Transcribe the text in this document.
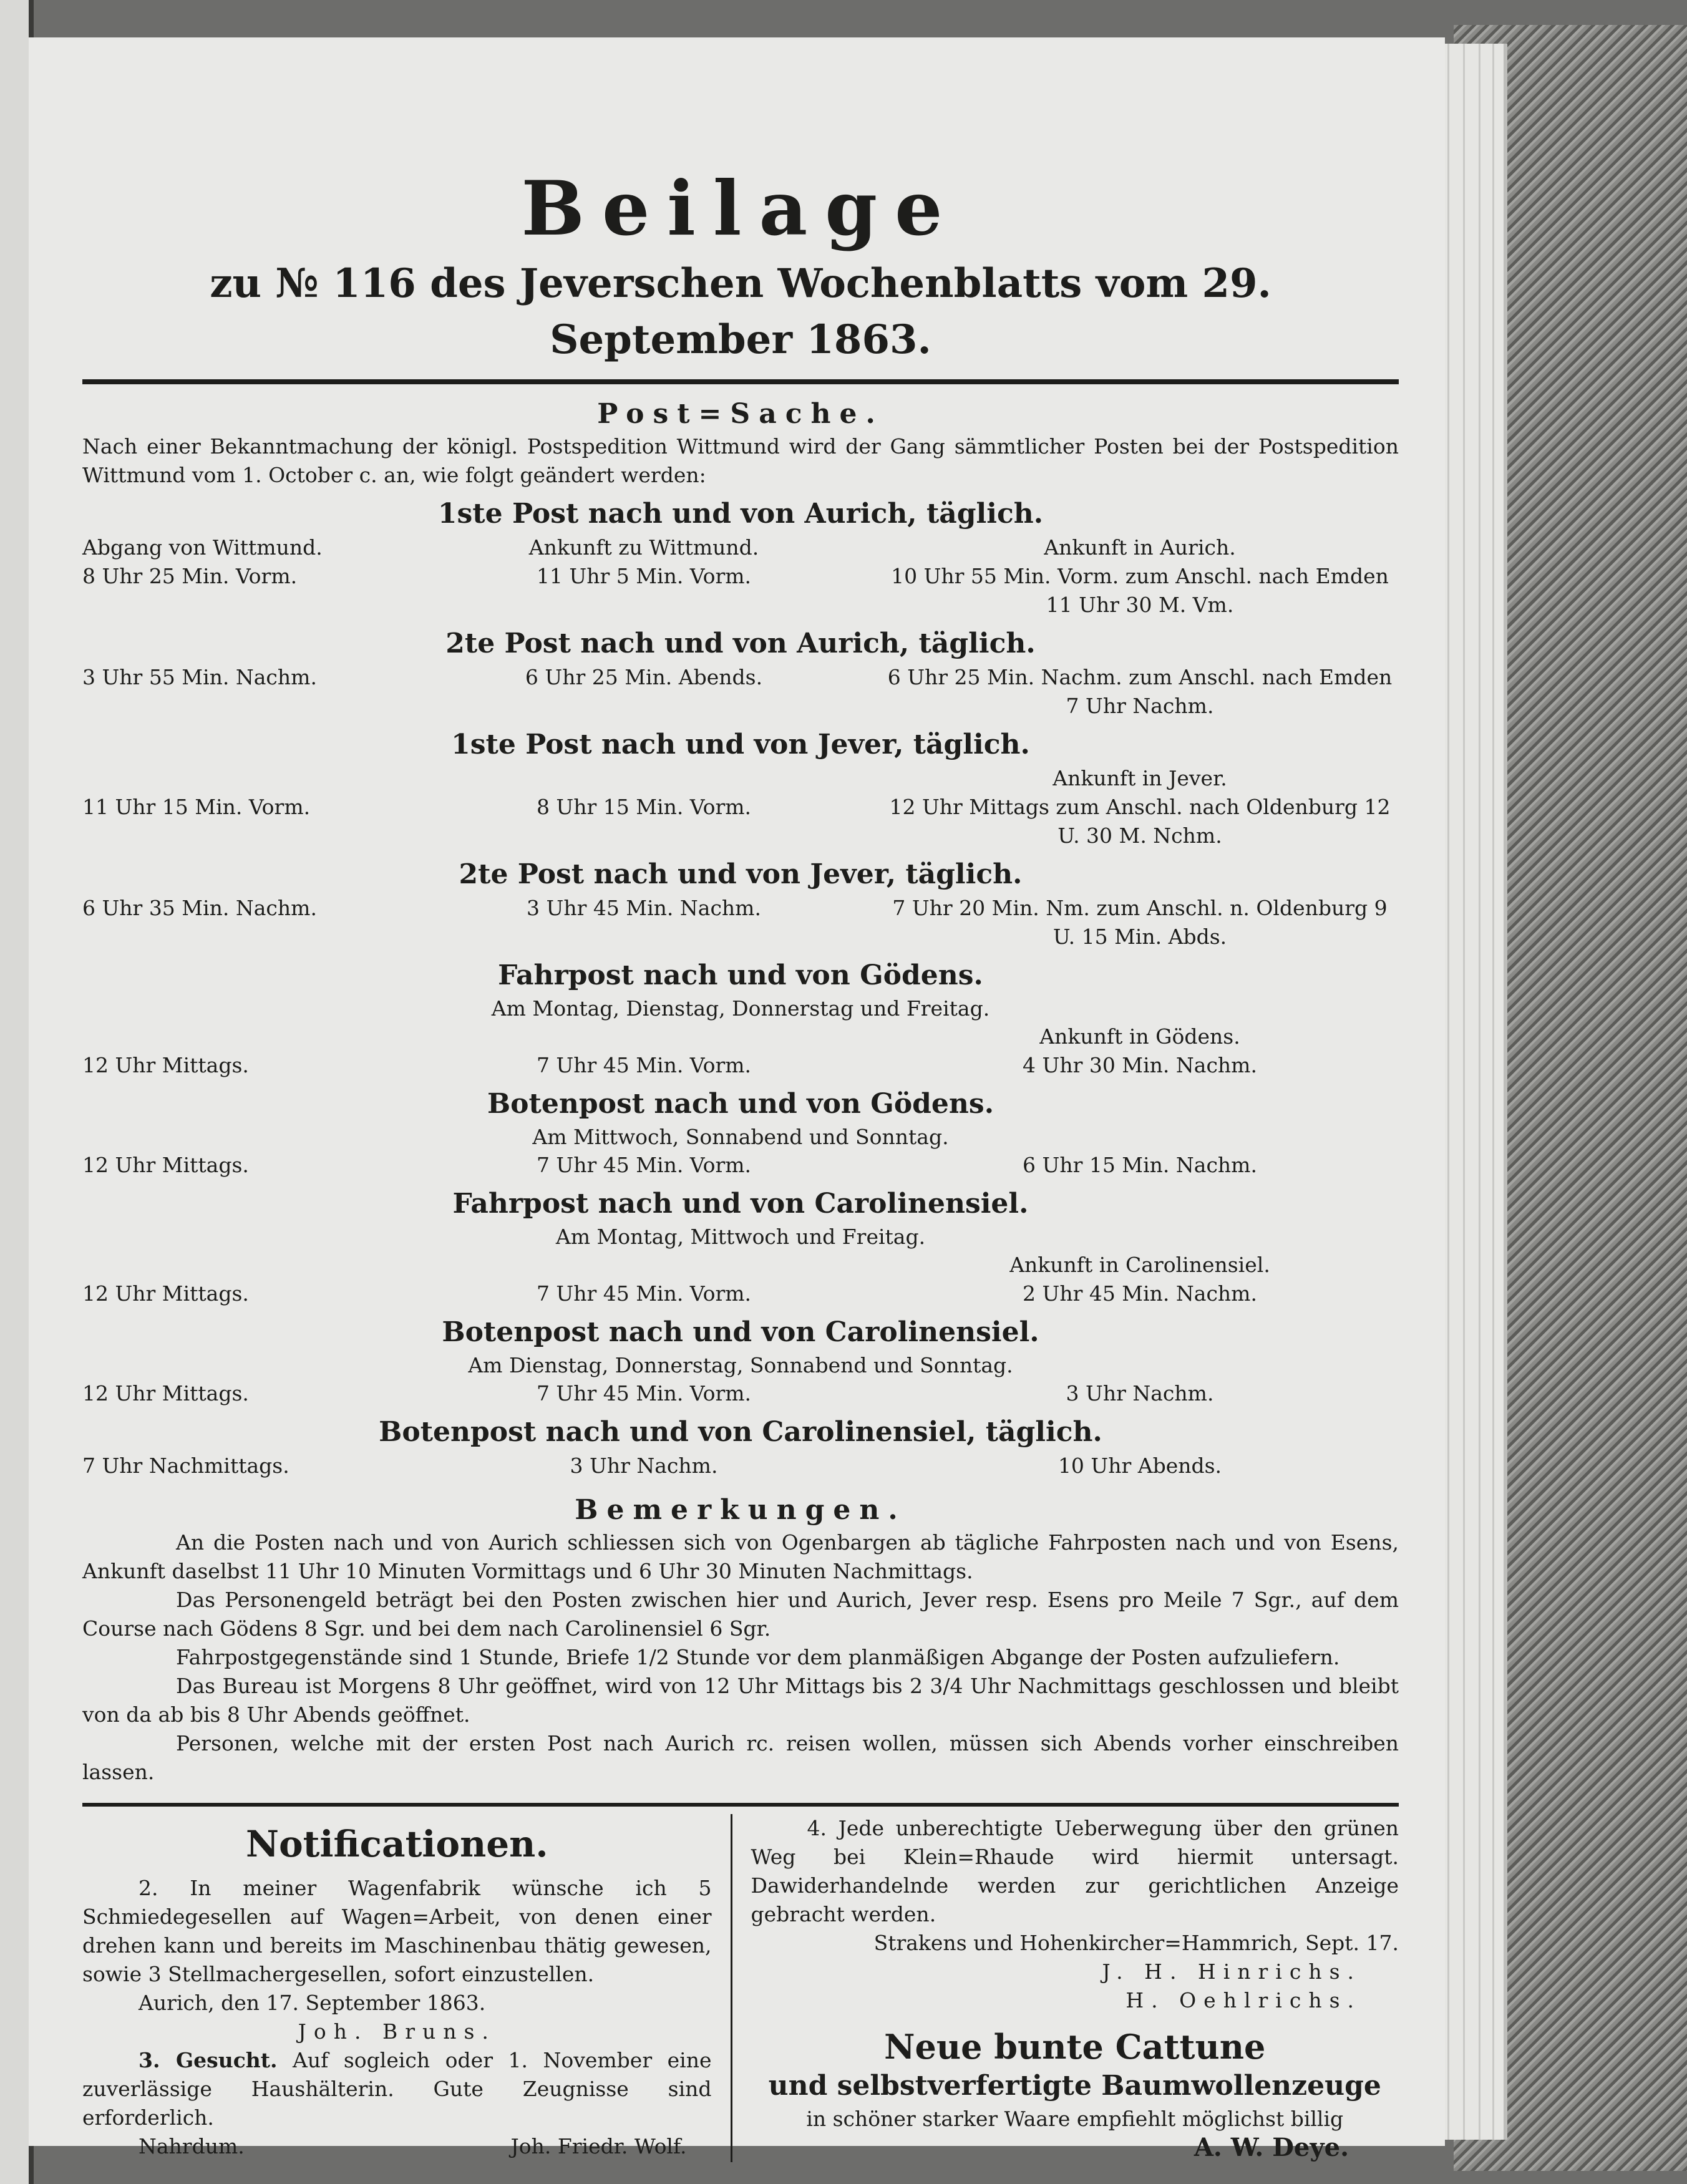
Beilage

zu № 116 des Jeverschen Wochenblatts vom 29. September 1863.

Post=Sache.

Nach einer Bekanntmachung der königl. Postspedition Wittmund wird der Gang sämmtlicher Posten bei der Postspedition Wittmund vom 1. October c. an, wie folgt geändert werden:

1ste Post nach und von Aurich, täglich.
Abgang von Wittmund.	Ankunft zu Wittmund.	Ankunft in Aurich.
8 Uhr 25 Min. Vorm.	11 Uhr 5 Min. Vorm.	10 Uhr 55 Min. Vorm. zum Anschl. nach Emden 11 Uhr 30 M. Vm.
2te Post nach und von Aurich, täglich.
3 Uhr 55 Min. Nachm.	6 Uhr 25 Min. Abends.	6 Uhr 25 Min. Nachm. zum Anschl. nach Emden 7 Uhr Nachm.
1ste Post nach und von Jever, täglich.
Ankunft in Jever.
11 Uhr 15 Min. Vorm.	8 Uhr 15 Min. Vorm.	12 Uhr Mittags zum Anschl. nach Oldenburg 12 U. 30 M. Nchm.
2te Post nach und von Jever, täglich.
6 Uhr 35 Min. Nachm.	3 Uhr 45 Min. Nachm.	7 Uhr 20 Min. Nm. zum Anschl. n. Oldenburg 9 U. 15 Min. Abds.
Fahrpost nach und von Gödens.
Am Montag, Dienstag, Donnerstag und Freitag.
Ankunft in Gödens.
12 Uhr Mittags.	7 Uhr 45 Min. Vorm.	4 Uhr 30 Min. Nachm.
Botenpost nach und von Gödens.
Am Mittwoch, Sonnabend und Sonntag.
12 Uhr Mittags.	7 Uhr 45 Min. Vorm.	6 Uhr 15 Min. Nachm.
Fahrpost nach und von Carolinensiel.
Am Montag, Mittwoch und Freitag.
Ankunft in Carolinensiel.
12 Uhr Mittags.	7 Uhr 45 Min. Vorm.	2 Uhr 45 Min. Nachm.
Botenpost nach und von Carolinensiel.
Am Dienstag, Donnerstag, Sonnabend und Sonntag.
12 Uhr Mittags.	7 Uhr 45 Min. Vorm.	3 Uhr Nachm.
Botenpost nach und von Carolinensiel, täglich.
7 Uhr Nachmittags.	3 Uhr Nachm.	10 Uhr Abends.
Bemerkungen.

An die Posten nach und von Aurich schliessen sich von Ogenbargen ab tägliche Fahrposten nach und von Esens, Ankunft daselbst 11 Uhr 10 Minuten Vormittags und 6 Uhr 30 Minuten Nachmittags.

Das Personengeld beträgt bei den Posten zwischen hier und Aurich, Jever resp. Esens pro Meile 7 Sgr., auf dem Course nach Gödens 8 Sgr. und bei dem nach Carolinensiel 6 Sgr.

Fahrpostgegenstände sind 1 Stunde, Briefe 1/2 Stunde vor dem planmäßigen Abgange der Posten aufzuliefern.

Das Bureau ist Morgens 8 Uhr geöffnet, wird von 12 Uhr Mittags bis 2 3/4 Uhr Nachmittags geschlossen und bleibt von da ab bis 8 Uhr Abends geöffnet.

Personen, welche mit der ersten Post nach Aurich rc. reisen wollen, müssen sich Abends vorher einschreiben lassen.

Notificationen.

2. In meiner Wagenfabrik wünsche ich 5 Schmiedegesellen auf Wagen=Arbeit, von denen einer drehen kann und bereits im Maschinenbau thätig gewesen, sowie 3 Stellmachergesellen, sofort einzustellen.

Aurich, den 17. September 1863.

Joh. Bruns.

3. Gesucht. Auf sogleich oder 1. November eine zuverlässige Haushälterin. Gute Zeugnisse sind erforderlich.

Nahrdum.	Joh. Friedr. Wolf.

4. Jede unberechtigte Ueberwegung über den grünen Weg bei Klein=Rhaude wird hiermit untersagt. Dawiderhandelnde werden zur gerichtlichen Anzeige gebracht werden.

Strakens und Hohenkircher=Hammrich, Sept. 17.

J. H. Hinrichs.

H. Oehlrichs.

Neue bunte Cattune

und selbstverfertigte Baumwollenzeuge

in schöner starker Waare empfiehlt möglichst billig

A. W. Deye.
